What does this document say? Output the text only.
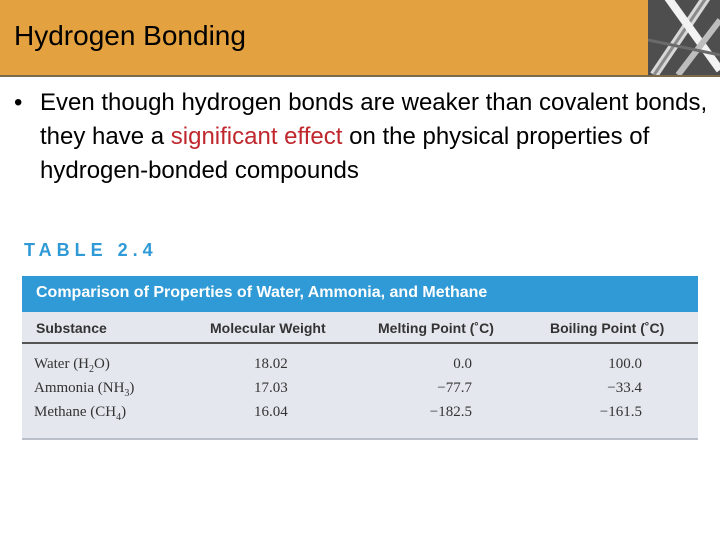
Hydrogen Bonding
• Even though hydrogen bonds are weaker than covalent bonds, they have a significant effect on the physical properties of hydrogen-bonded compounds
TABLE 2.4
Comparison of Properties of Water, Ammonia, and Methane
Substance	Molecular Weight	Melting Point (˚C)	Boiling Point (˚C)
Water $(H_2O)$	18.02	0.0	100.0
Ammonia $(NH_3)$	17.03	−77.7	−33.4
Methane $(CH_4)$	16.04	−182.5	−161.5
